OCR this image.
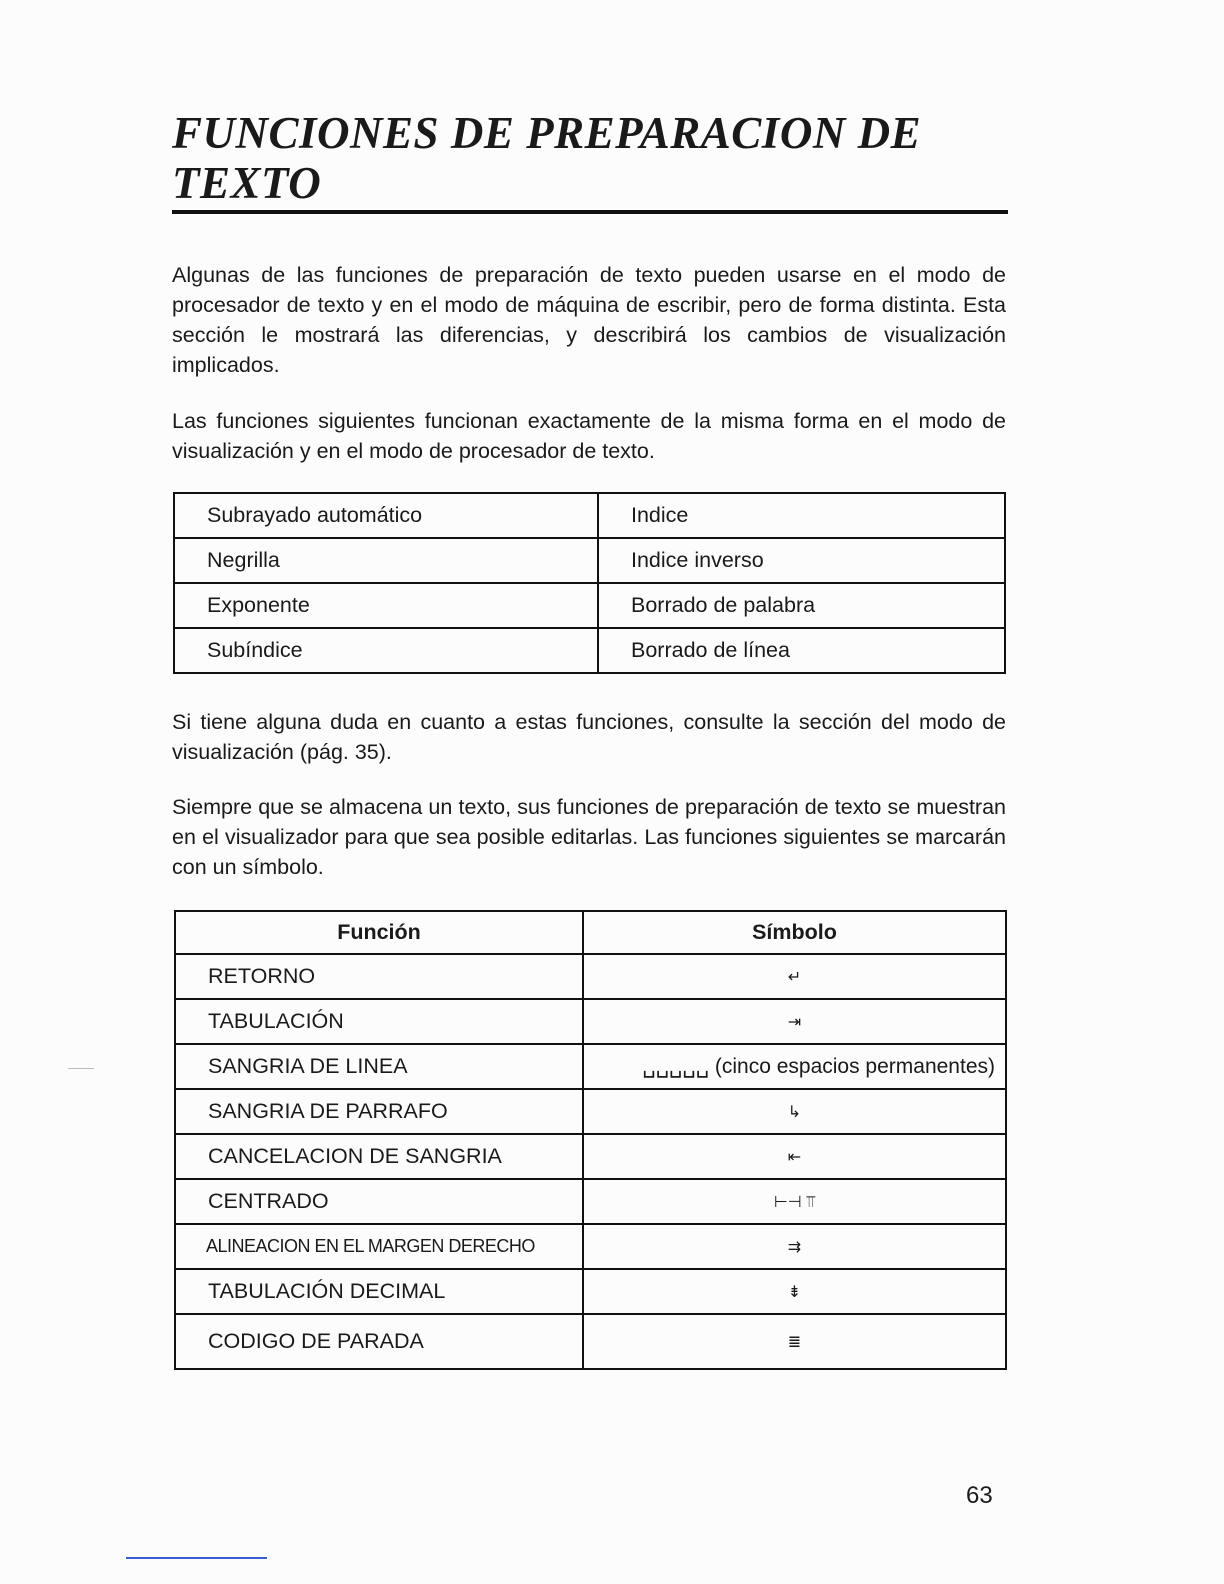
FUNCIONES DE PREPARACION DE TEXTO

Algunas de las funciones de preparación de texto pueden usarse en el modo de procesador de texto y en el modo de máquina de escribir, pero de forma distinta. Esta sección le mostrará las diferencias, y describirá los cambios de visualización implicados.

Las funciones siguientes funcionan exactamente de la misma forma en el modo de visualización y en el modo de procesador de texto.

Subrayado automático	Indice
Negrilla	Indice inverso
Exponente	Borrado de palabra
Subíndice	Borrado de línea

Si tiene alguna duda en cuanto a estas funciones, consulte la sección del modo de visualización (pág. 35).

Siempre que se almacena un texto, sus funciones de preparación de texto se muestran en el visualizador para que sea posible editarlas. Las funciones siguientes se marcarán con un símbolo.

Función	Símbolo
RETORNO	↵
TABULACIÓN	⇥
SANGRIA DE LINEA	␣␣␣␣␣ (cinco espacios permanentes)
SANGRIA DE PARRAFO	↳
CANCELACION DE SANGRIA	⇤
CENTRADO	⊢⊣ ⫪
ALINEACION EN EL MARGEN DERECHO	⇉
TABULACIÓN DECIMAL	⇟
CODIGO DE PARADA	≣
63
